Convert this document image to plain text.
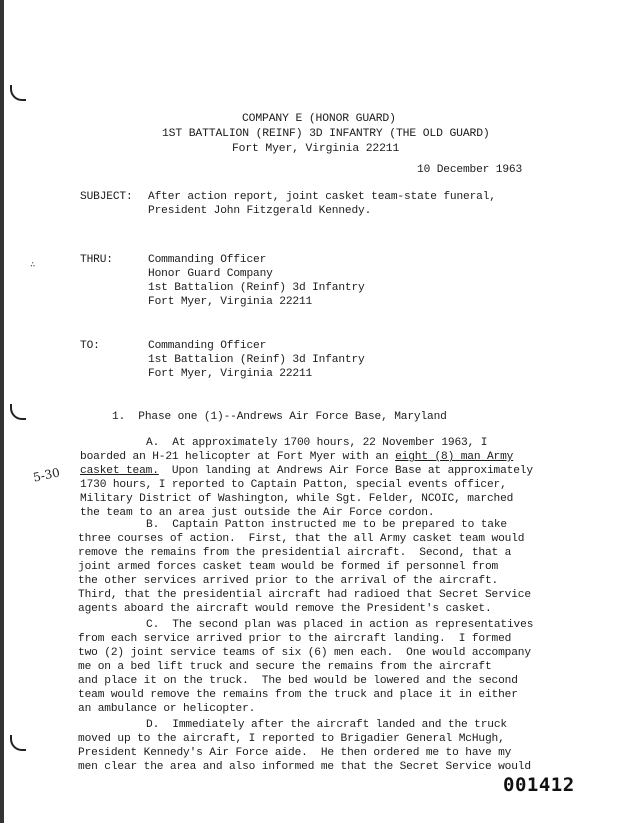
∴
5-30
COMPANY E (HONOR GUARD)
1ST BATTALION (REINF) 3D INFANTRY (THE OLD GUARD)
Fort Myer, Virginia 22211
10 December 1963
SUBJECT: After action report, joint casket team-state funeral,
President John Fitzgerald Kennedy.
THRU:	Commanding Officer
Honor Guard Company
1st Battalion (Reinf) 3d Infantry
Fort Myer, Virginia 22211
TO:	Commanding Officer
1st Battalion (Reinf) 3d Infantry
Fort Myer, Virginia 22211
1.  Phase one (1)--Andrews Air Force Base, Maryland
A.  At approximately 1700 hours, 22 November 1963, I
boarded an H-21 helicopter at Fort Myer with an eight (8) man Army
casket team.  Upon landing at Andrews Air Force Base at approximately
1730 hours, I reported to Captain Patton, special events officer,
Military District of Washington, while Sgt. Felder, NCOIC, marched
the team to an area just outside the Air Force cordon.
B.  Captain Patton instructed me to be prepared to take
three courses of action.  First, that the all Army casket team would
remove the remains from the presidential aircraft.  Second, that a
joint armed forces casket team would be formed if personnel from
the other services arrived prior to the arrival of the aircraft.
Third, that the presidential aircraft had radioed that Secret Service
agents aboard the aircraft would remove the President's casket.
C.  The second plan was placed in action as representatives
from each service arrived prior to the aircraft landing.  I formed
two (2) joint service teams of six (6) men each.  One would accompany
me on a bed lift truck and secure the remains from the aircraft
and place it on the truck.  The bed would be lowered and the second
team would remove the remains from the truck and place it in either
an ambulance or helicopter.
D.  Immediately after the aircraft landed and the truck
moved up to the aircraft, I reported to Brigadier General McHugh,
President Kennedy's Air Force aide.  He then ordered me to have my
men clear the area and also informed me that the Secret Service would
001412
